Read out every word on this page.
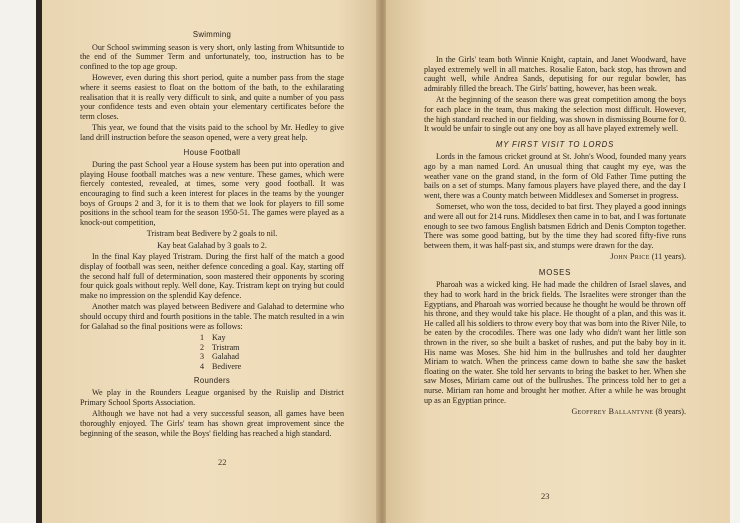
Swimming

Our School swimming season is very short, only lasting from Whitsuntide to the end of the Summer Term and unfortunately, too, instruction has to be confined to the top age group.

However, even during this short period, quite a number pass from the stage where it seems easiest to float on the bottom of the bath, to the exhilarating realisation that it is really very difficult to sink, and quite a number of you pass your confidence tests and even obtain your elementary certificates before the term closes.

This year, we found that the visits paid to the school by Mr. Hedley to give land drill instruction before the season opened, were a very great help.

House Football

During the past School year a House system has been put into operation and playing House football matches was a new venture. These games, which were fiercely contested, revealed, at times, some very good football. It was encouraging to find such a keen interest for places in the teams by the younger boys of Groups 2 and 3, for it is to them that we look for players to fill some positions in the school team for the season 1950-51. The games were played as a knock-out competition,

Tristram beat Bedivere by 2 goals to nil.

Kay beat Galahad by 3 goals to 2.

In the final Kay played Tristram. During the first half of the match a good display of football was seen, neither defence conceding a goal. Kay, starting off the second half full of determination, soon mastered their opponents by scoring four quick goals without reply. Well done, Kay. Tristram kept on trying but could make no impression on the splendid Kay defence.

Another match was played between Bedivere and Galahad to determine who should occupy third and fourth positions in the table. The match resulted in a win for Galahad so the final positions were as follows:

1 Kay
2 Tristram
3 Galahad
4 Bedivere
Rounders

We play in the Rounders League organised by the Ruislip and District Primary School Sports Association.

Although we have not had a very successful season, all games have been thoroughly enjoyed. The Girls' team has shown great improvement since the beginning of the season, while the Boys' fielding has reached a high standard.

22

In the Girls' team both Winnie Knight, captain, and Janet Woodward, have played extremely well in all matches. Rosalie Eaton, back stop, has thrown and caught well, while Andrea Sands, deputising for our regular bowler, has admirably filled the breach. The Girls' batting, however, has been weak.

At the beginning of the season there was great competition among the boys for each place in the team, thus making the selection most difficult. However, the high standard reached in our fielding, was shown in dismissing Bourne for 0. It would be unfair to single out any one boy as all have played extremely well.

MY FIRST VISIT TO LORDS

Lords in the famous cricket ground at St. John's Wood, founded many years ago by a man named Lord. An unusual thing that caught my eye, was the weather vane on the grand stand, in the form of Old Father Time putting the bails on a set of stumps. Many famous players have played there, and the day I went, there was a County match between Middlesex and Somerset in progress.

Somerset, who won the toss, decided to bat first. They played a good innings and were all out for 214 runs. Middlesex then came in to bat, and I was fortunate enough to see two famous English batsmen Edrich and Denis Compton together. There was some good batting, but by the time they had scored fifty-five runs between them, it was half-past six, and stumps were drawn for the day.

John Price (11 years).

MOSES

Pharoah was a wicked king. He had made the children of Israel slaves, and they had to work hard in the brick fields. The Israelites were stronger than the Egyptians, and Pharoah was worried because he thought he would be thrown off his throne, and they would take his place. He thought of a plan, and this was it. He called all his soldiers to throw every boy that was born into the River Nile, to be eaten by the crocodiles. There was one lady who didn't want her little son thrown in the river, so she built a basket of rushes, and put the baby boy in it. His name was Moses. She hid him in the bullrushes and told her daughter Miriam to watch. When the princess came down to bathe she saw the basket floating on the water. She told her servants to bring the basket to her. When she saw Moses, Miriam came out of the bullrushes. The princess told her to get a nurse. Miriam ran home and brought her mother. After a while he was brought up as an Egyptian prince.

Geoffrey Ballantyne (8 years).

23
